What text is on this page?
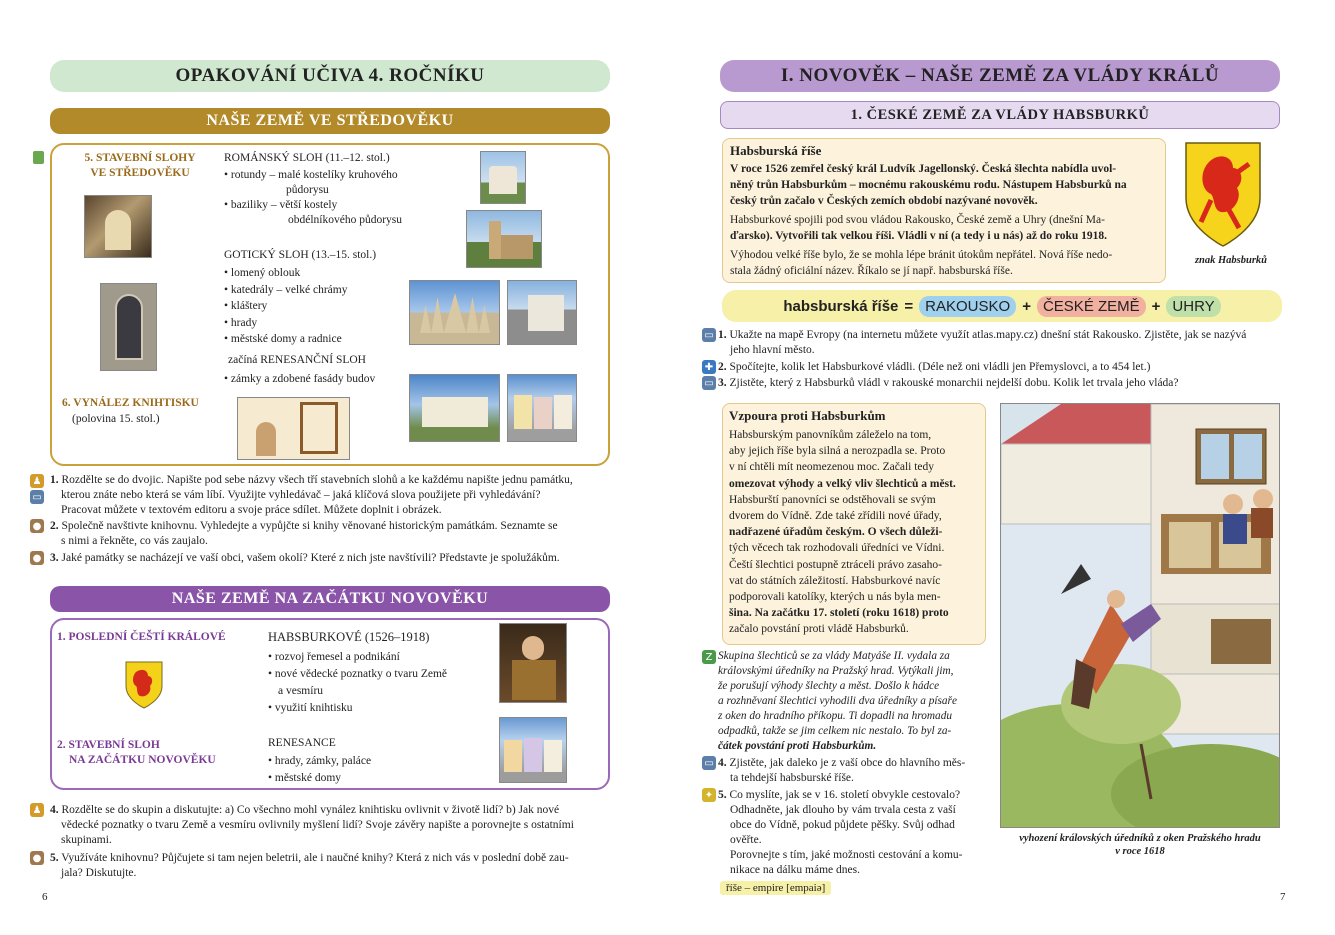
OPAKOVÁNÍ UČIVA 4. ROČNÍKU
NAŠE ZEMĚ VE STŘEDOVĚKU
5. STAVEBNÍ SLOHY
VE STŘEDOVĚKU
ROMÁNSKÝ SLOH (11.–12. stol.)
• rotundy – malé kostelíky kruhového
půdorysu
• baziliky – větší kostely
obdélníkového půdorysu
GOTICKÝ SLOH (13.–15. stol.)
• lomený oblouk
• katedrály – velké chrámy
• kláštery
• hrady
• městské domy a radnice
začíná RENESANČNÍ SLOH
• zámky a zdobené fasády budov
6. VYNÁLEZ KNIHTISKU
(polovina 15. stol.)
♟
▭
●
●
1. Rozdělte se do dvojic. Napište pod sebe názvy všech tří stavebních slohů a ke každému napište jednu památku,
kterou znáte nebo která se vám líbí. Využijte vyhledávač – jaká klíčová slova použijete při vyhledávání?
Pracovat můžete v textovém editoru a svoje práce sdílet. Můžete doplnit i obrázek.
2. Společně navštivte knihovnu. Vyhledejte a vypůjčte si knihy věnované historickým památkám. Seznamte se
s nimi a řekněte, co vás zaujalo.
3. Jaké památky se nacházejí ve vaší obci, vašem okolí? Které z nich jste navštívili? Představte je spolužákům.
NAŠE ZEMĚ NA ZAČÁTKU NOVOVĚKU
1. POSLEDNÍ ČEŠTÍ KRÁLOVÉ	HABSBURKOVÉ (1526–1918)
• rozvoj řemesel a podnikání
• nové vědecké poznatky o tvaru Země
a vesmíru
• využití knihtisku
2. STAVEBNÍ SLOH
NA ZAČÁTKU NOVOVĚKU
RENESANCE
• hrady, zámky, paláce
• městské domy
♟
●
4. Rozdělte se do skupin a diskutujte: a) Co všechno mohl vynález knihtisku ovlivnit v životě lidí? b) Jak nové
vědecké poznatky o tvaru Země a vesmíru ovlivnily myšlení lidí? Svoje závěry napište a porovnejte s ostatními
skupinami.
5. Využíváte knihovnu? Půjčujete si tam nejen beletrii, ale i naučné knihy? Která z nich vás v poslední době zau-
jala? Diskutujte.
6
I. NOVOVĚK – NAŠE ZEMĚ ZA VLÁDY KRÁLŮ
1. ČESKÉ ZEMĚ ZA VLÁDY HABSBURKŮ
Habsburská říše
V roce 1526 zemřel český král Ludvík Jagellonský. Česká šlechta nabídla uvol-
něný trůn Habsburkům – mocnému rakouskému rodu. Nástupem Habsburků na
český trůn začalo v Českých zemích období nazývané novověk.
Habsburkové spojili pod svou vládou Rakousko, České země a Uhry (dnešní Ma-
ďarsko). Vytvořili tak velkou říši. Vládli v ní (a tedy i u nás) až do roku 1918.
Výhodou velké říše bylo, že se mohla lépe bránit útokům nepřátel. Nová říše nedo-
stala žádný oficiální název. Říkalo se jí např. habsburská říše.
znak Habsburků
habsburská říše = RAKOUSKO + ČESKÉ ZEMĚ + UHRY
▭
✚
▭
1. Ukažte na mapě Evropy (na internetu můžete využít atlas.mapy.cz) dnešní stát Rakousko. Zjistěte, jak se nazývá
jeho hlavní město.
2. Spočítejte, kolik let Habsburkové vládli. (Déle než oni vládli jen Přemyslovci, a to 454 let.)
3. Zjistěte, který z Habsburků vládl v rakouské monarchii nejdelší dobu. Kolik let trvala jeho vláda?
Vzpoura proti Habsburkům
Habsburským panovníkům záleželo na tom,
aby jejich říše byla silná a nerozpadla se. Proto
v ní chtěli mít neomezenou moc. Začali tedy
omezovat výhody a velký vliv šlechticů a měst.
Habsburští panovníci se odstěhovali se svým
dvorem do Vídně. Zde také zřídili nové úřady,
nadřazené úřadům českým. O všech důleži-
tých věcech tak rozhodovali úředníci ve Vídni.
Čeští šlechtici postupně ztráceli právo zasaho-
vat do státních záležitostí. Habsburkové navíc
podporovali katolíky, kterých u nás byla men-
šina. Na začátku 17. století (roku 1618) proto
začalo povstání proti vládě Habsburků.
Z Skupina šlechticů se za vlády Matyáše II. vydala za
královskými úředníky na Pražský hrad. Vytýkali jim,
že porušují výhody šlechty a měst. Došlo k hádce
a rozhněvaní šlechtici vyhodili dva úředníky a písaře
z oken do hradního příkopu. Ti dopadli na hromadu
odpadků, takže se jim celkem nic nestalo. To byl za-
čátek povstání proti Habsburkům.
▭
✦
4. Zjistěte, jak daleko je z vaší obce do hlavního měs-
ta tehdejší habsburské říše.
5. Co myslíte, jak se v 16. století obvykle cestovalo?
Odhadněte, jak dlouho by vám trvala cesta z vaší
obce do Vídně, pokud půjdete pěšky. Svůj odhad
ověřte.
Porovnejte s tím, jaké možnosti cestování a komu-
nikace na dálku máme dnes.
říše – empire [empaiə]
vyhození královských úředníků z oken Pražského hradu
v roce 1618
7
